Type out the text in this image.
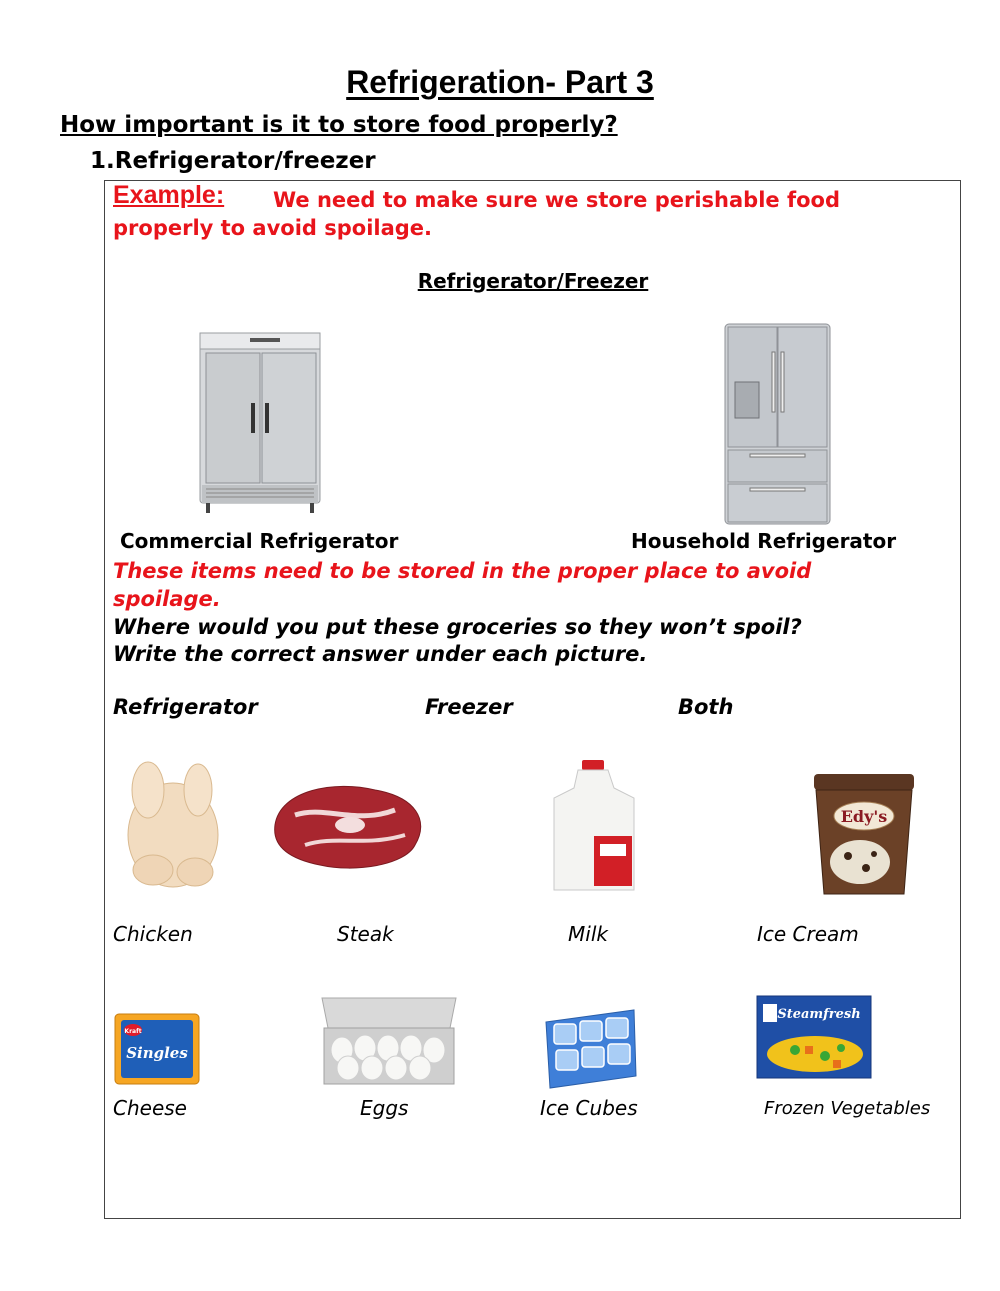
Refrigeration- Part 3
How important is it to store food properly?
1.Refrigerator/freezer
Example:	We need to make sure we store perishable food properly to avoid spoilage.
Refrigerator/Freezer
Commercial Refrigerator	Household Refrigerator
These items need to be stored in the proper place to avoid spoilage.
Where would you put these groceries so they won’t spoil?
Write the correct answer under each picture.
Refrigerator	Freezer	Both
Edy's
Chicken	Steak	Milk	Ice Cream
Kraft
Singles
Steamfresh
Cheese	Eggs	Ice Cubes	Frozen Vegetables
